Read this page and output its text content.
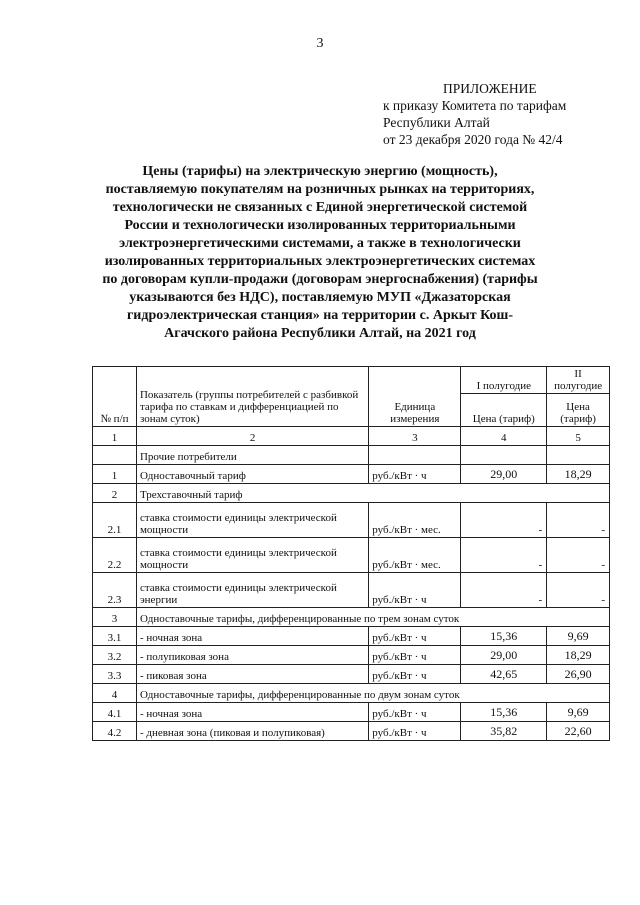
3
ПРИЛОЖЕНИЕ
к приказу Комитета по тарифам
Республики Алтай
от 23 декабря 2020 года № 42/4
Цены (тарифы) на электрическую энергию (мощность), поставляемую покупателям на розничных рынках на территориях, технологически не связанных с Единой энергетической системой России и технологически изолированных территориальными электроэнергетическими системами, а также в технологически изолированных территориальных электроэнергетических системах по договорам купли-продажи (договорам энергоснабжения) (тарифы указываются без НДС), поставляемую МУП «Джазаторская гидроэлектрическая станция» на территории с. Аркыт Кош-Агачского района Республики Алтай, на 2021 год
№ п/п	Показатель (группы потребителей с разбивкой тарифа по ставкам и дифференциацией по зонам суток)	Единица измерения	I полугодие	II полугодие
			Цена (тариф)	Цена (тариф)
1	2	3	4	5
	Прочие потребители			
1	Одноставочный тариф	руб./кВт · ч	29,00	18,29
2	Трехставочный тариф			
2.1	ставка стоимости единицы электрической мощности	руб./кВт · мес.	-	-
2.2	ставка стоимости единицы электрической мощности	руб./кВт · мес.	-	-
2.3	ставка стоимости единицы электрической энергии	руб./кВт · ч	-	-
3	Одноставочные тарифы, дифференцированные по трем зонам суток			
3.1	- ночная зона	руб./кВт · ч	15,36	9,69
3.2	- полупиковая зона	руб./кВт · ч	29,00	18,29
3.3	- пиковая зона	руб./кВт · ч	42,65	26,90
4	Одноставочные тарифы, дифференцированные по двум зонам суток			
4.1	- ночная зона	руб./кВт · ч	15,36	9,69
4.2	- дневная зона (пиковая и полупиковая)	руб./кВт · ч	35,82	22,60
